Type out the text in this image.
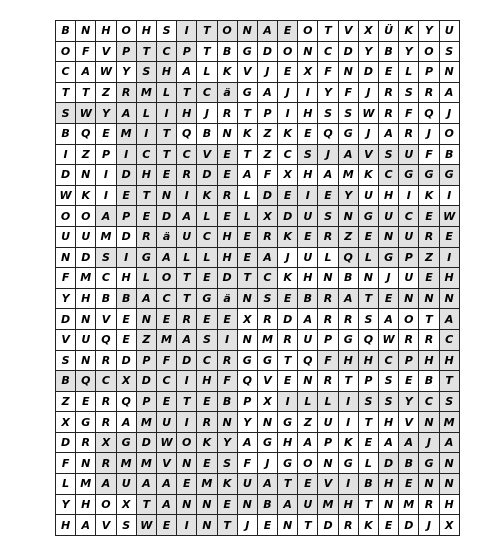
B	N	H	O	H	S	I	T	O	N	A	E	O	T	V	X	Ü	K	Y	U
O	F	V	P	T	C	P	T	B	G	D	O	N	C	D	Y	B	Y	O	S
C	A	W	Y	S	H	A	L	K	V	J	E	X	F	N	D	E	L	P	N
T	T	Z	R	M	L	T	C	ä	G	A	J	I	Y	F	J	R	S	R	A
S	W	Y	A	L	I	H	J	R	T	P	I	H	S	S	W	R	F	Q	J
B	Q	E	M	I	T	Q	B	N	K	Z	K	E	Q	G	J	A	R	J	O
I	Z	P	I	C	T	C	V	E	T	Z	C	S	J	A	V	S	U	F	B
D	N	I	D	H	E	R	D	E	A	F	X	H	A	M	K	C	G	G	G
W	K	I	E	T	N	I	K	R	L	D	E	I	E	Y	U	H	I	K	I
O	O	A	P	E	D	A	L	E	L	X	D	U	S	N	G	U	C	E	W
U	U	M	D	R	ä	U	C	H	E	R	K	E	R	Z	E	N	U	R	E
N	D	S	I	G	A	L	L	H	E	A	J	U	L	Q	L	G	P	Z	I
F	M	C	H	L	O	T	E	D	T	C	K	H	N	B	N	J	U	E	H
Y	H	B	B	A	C	T	G	ä	N	S	E	B	R	A	T	E	N	N	N
D	N	V	E	N	E	R	E	E	X	R	D	A	R	R	S	A	O	T	A
V	U	Q	E	Z	M	A	S	I	N	M	R	U	P	G	Q	W	R	R	C
S	N	R	D	P	F	D	C	R	G	G	T	Q	F	H	H	C	P	H	H
B	Q	C	X	D	C	I	H	F	Q	V	E	N	R	T	P	S	E	B	T
Z	E	R	Q	P	E	T	E	B	P	X	I	L	L	I	S	S	Y	C	S
X	G	R	A	M	U	I	R	N	Y	N	G	Z	U	I	T	H	V	N	M
D	R	X	G	D	W	O	K	Y	A	G	H	A	P	K	E	A	A	J	A
F	N	R	M	M	V	N	E	S	F	J	G	O	N	G	L	D	B	G	N
L	M	A	U	A	A	E	M	K	U	A	T	E	V	I	B	H	E	N	N
Y	H	O	X	T	A	N	N	E	N	B	A	U	M	H	T	N	M	R	H
H	A	V	S	W	E	I	N	T	J	E	N	T	D	R	K	E	D	J	X
